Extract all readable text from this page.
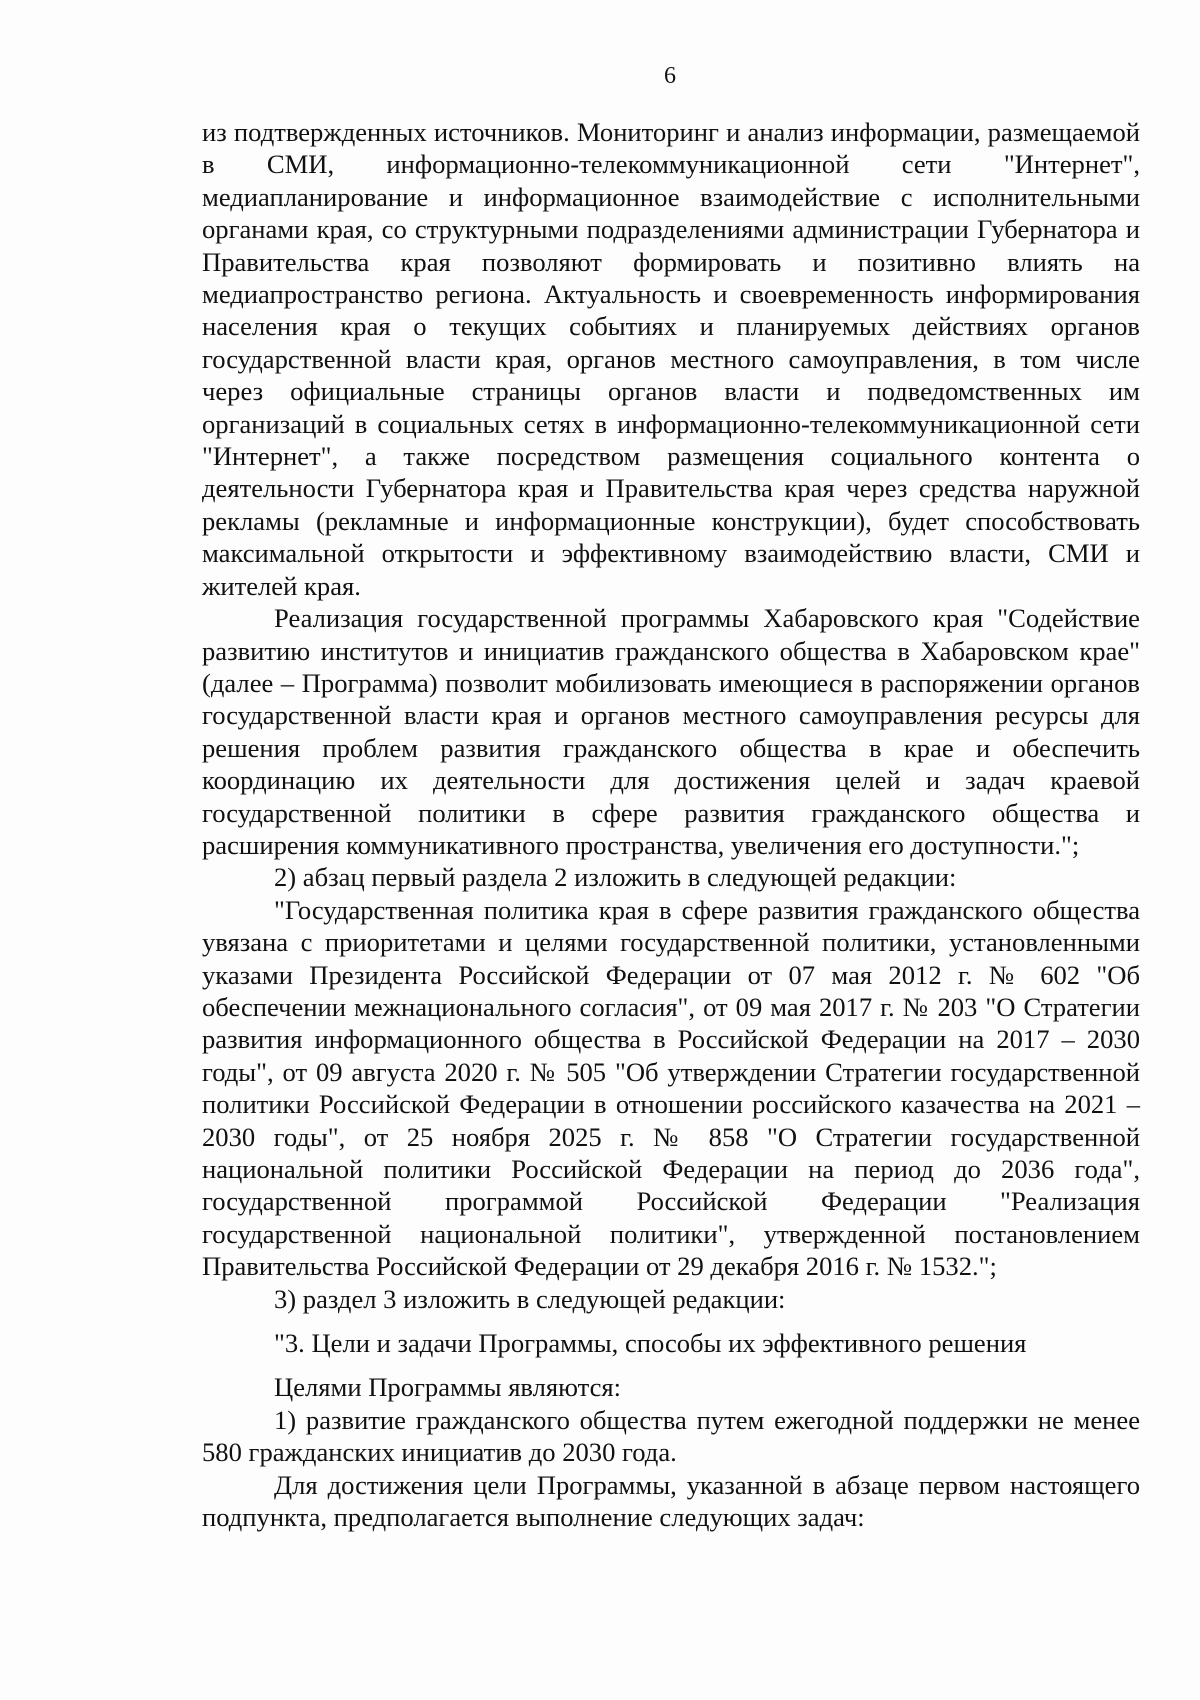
6

из подтвержденных источников. Мониторинг и анализ информации, размещаемой в СМИ, информационно-телекоммуникационной сети "Интернет", медиапланирование и информационное взаимодействие с исполнительными органами края, со структурными подразделениями администрации Губернатора и Правительства края позволяют формировать и позитивно влиять на медиапространство региона. Актуальность и своевременность информирования населения края о текущих событиях и планируемых действиях органов государственной власти края, органов местного самоуправления, в том числе через официальные страницы органов власти и подведомственных им организаций в социальных сетях в информационно-телекоммуникационной сети "Интернет", а также посредством размещения социального контента о деятельности Губернатора края и Правительства края через средства наружной рекламы (рекламные и информационные конструкции), будет способствовать максимальной открытости и эффективному взаимодействию власти, СМИ и жителей края.

Реализация государственной программы Хабаровского края "Содействие развитию институтов и инициатив гражданского общества в Хабаровском крае" (далее – Программа) позволит мобилизовать имеющиеся в распоряжении органов государственной власти края и органов местного самоуправления ресурсы для решения проблем развития гражданского общества в крае и обеспечить координацию их деятельности для достижения целей и задач краевой государственной политики в сфере развития гражданского общества и расширения коммуникативного пространства, увеличения его доступности.";

2) абзац первый раздела 2 изложить в следующей редакции:

"Государственная политика края в сфере развития гражданского общества увязана с приоритетами и целями государственной политики, установленными указами Президента Российской Федерации от 07 мая 2012 г. № 602 "Об обеспечении межнационального согласия", от 09 мая 2017 г. № 203 "О Стратегии развития информационного общества в Российской Федерации на 2017 – 2030 годы", от 09 августа 2020 г. № 505 "Об утверждении Стратегии государственной политики Российской Федерации в отношении российского казачества на 2021 – 2030 годы", от 25 ноября 2025 г. № 858 "О Стратегии государственной национальной политики Российской Федерации на период до 2036 года", государственной программой Российской Федерации "Реализация государственной национальной политики", утвержденной постановлением Правительства Российской Федерации от 29 декабря 2016 г. № 1532.";

3) раздел 3 изложить в следующей редакции:

"3. Цели и задачи Программы, способы их эффективного решения

Целями Программы являются:

1) развитие гражданского общества путем ежегодной поддержки не менее 580 гражданских инициатив до 2030 года.

Для достижения цели Программы, указанной в абзаце первом настоящего подпункта, предполагается выполнение следующих задач:
